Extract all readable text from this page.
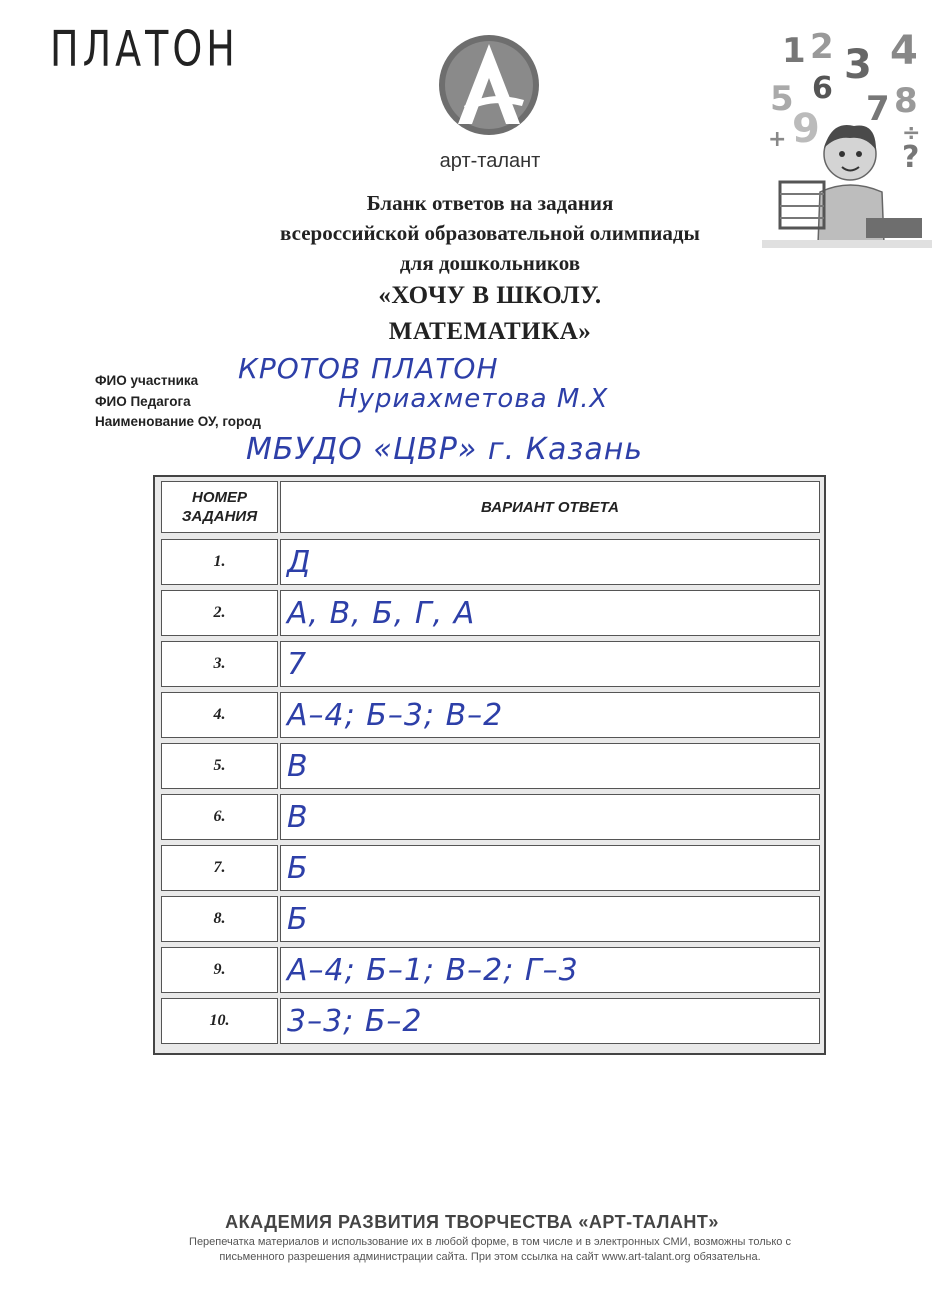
ПЛАТОН
арт-талант
Бланк ответов на задания
всероссийской образовательной олимпиады
для дошкольников
«ХОЧУ В ШКОЛУ.
МАТЕМАТИКА»
1 2 3 4
5 6
7 8
9
?
+	÷
ФИО участника КРОТОВ ПЛАТОН
ФИО Педагога	Нуриахметова М.Х
Наименование ОУ, город
МБУДО «ЦВР» г. Казань
НОМЕР
ЗАДАНИЯ
ВАРИАНТ ОТВЕТА
1.	Д
2.	А, В, Б, Г, А
3.	7
4.	А–4; Б–3; В–2
5.	В
6.	В
7.	Б
8.	Б
9.	А–4; Б–1; В–2; Г–3
10.	3–3; Б–2
АКАДЕМИЯ РАЗВИТИЯ ТВОРЧЕСТВА «АРТ-ТАЛАНТ»
Перепечатка материалов и использование их в любой форме, в том числе и в электронных СМИ, возможны только с
письменного разрешения администрации сайта. При этом ссылка на сайт www.art-talant.org обязательна.
